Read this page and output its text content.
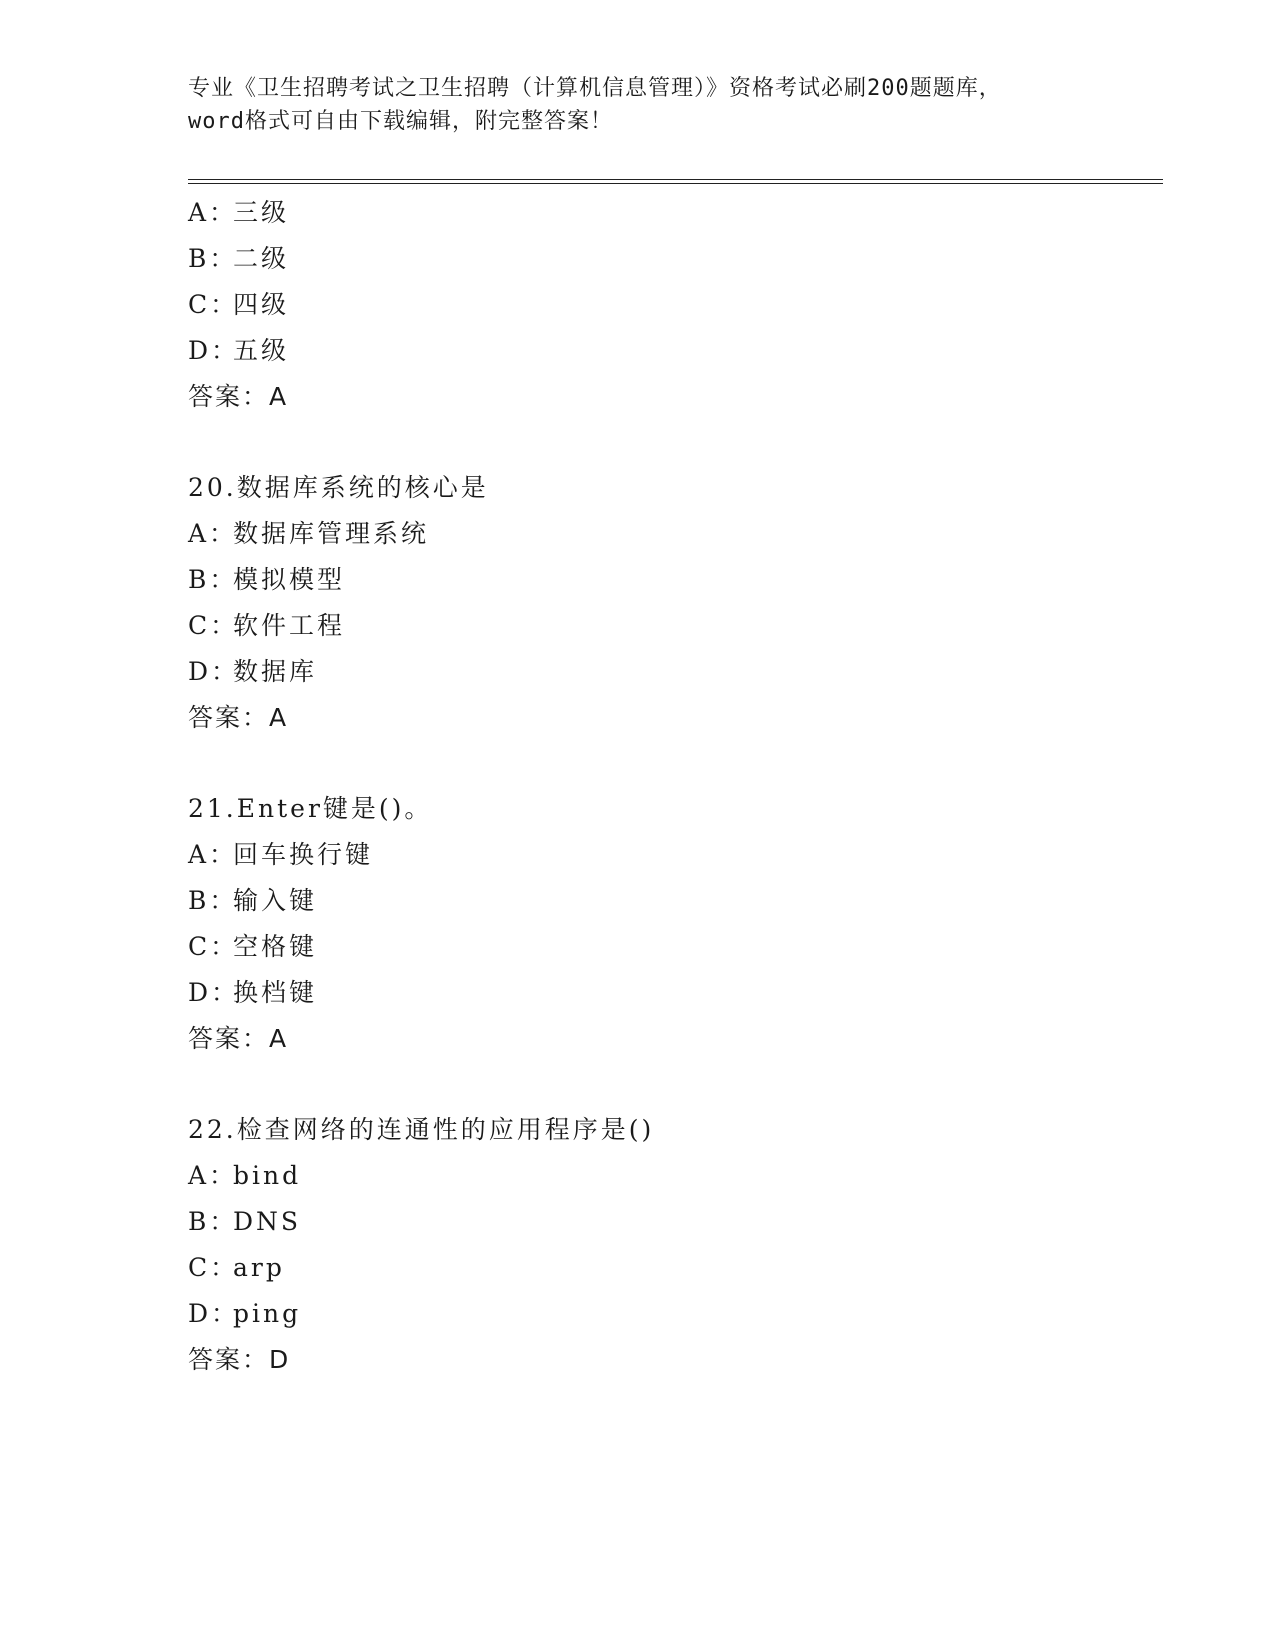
专业《卫生招聘考试之卫生招聘（计算机信息管理）》资格考试必刷200题题库，
word格式可自由下载编辑，附完整答案！
A：三级
B：二级
C：四级
D：五级
答案：A
20.数据库系统的核心是
A：数据库管理系统
B：模拟模型
C：软件工程
D：数据库
答案：A
21.Enter键是()。
A：回车换行键
B：输入键
C：空格键
D：换档键
答案：A
22.检查网络的连通性的应用程序是()
A：bind
B：DNS
C：arp
D：ping
答案：D
